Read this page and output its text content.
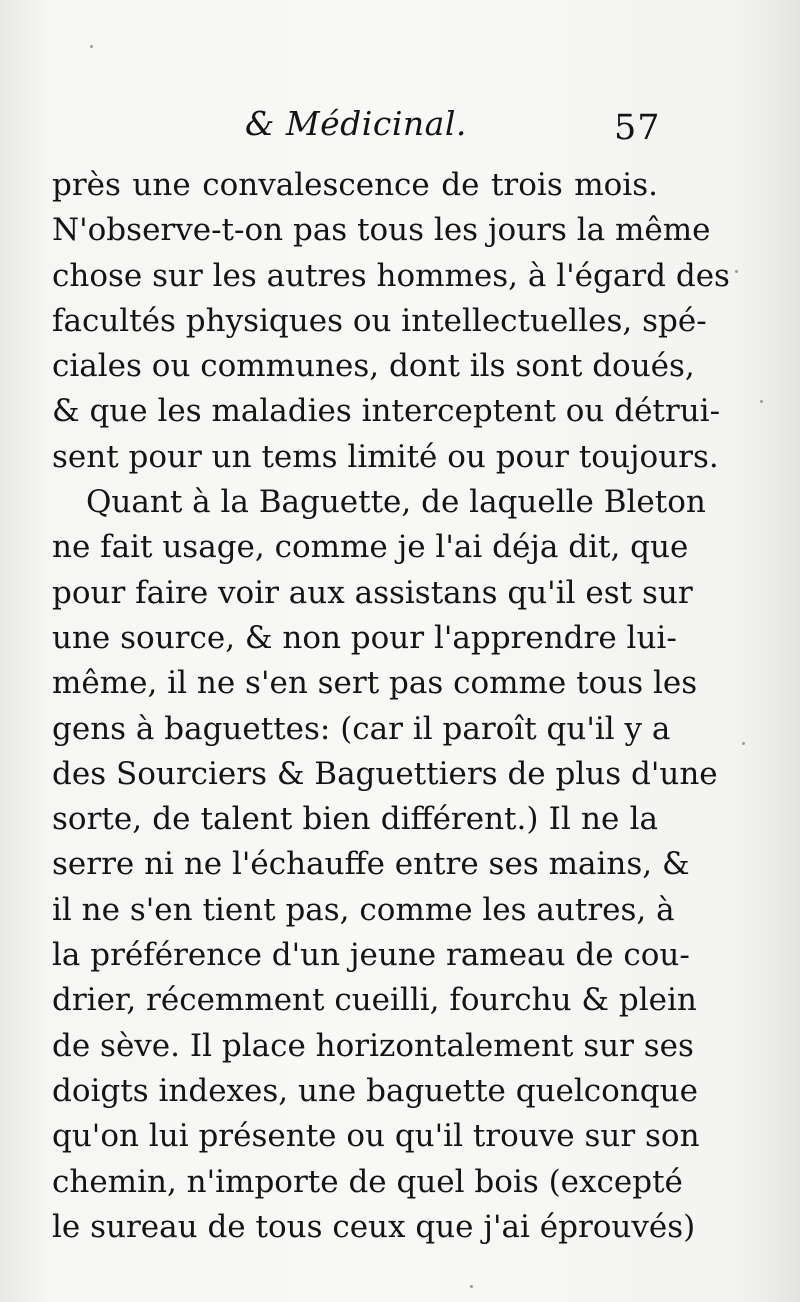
& Médicinal.	57
près une convalescence de trois mois.
N'observe-t-on pas tous les jours la même
chose sur les autres hommes, à l'égard des
facultés physiques ou intellectuelles, spé-
ciales ou communes, dont ils sont doués,
& que les maladies interceptent ou détrui-
sent pour un tems limité ou pour toujours.
Quant à la Baguette, de laquelle Bleton
ne fait usage, comme je l'ai déja dit, que
pour faire voir aux assistans qu'il est sur
une source, & non pour l'apprendre lui-
même, il ne s'en sert pas comme tous les
gens à baguettes: (car il paroît qu'il y a
des Sourciers & Baguettiers de plus d'une
sorte, de talent bien différent.) Il ne la
serre ni ne l'échauffe entre ses mains, &
il ne s'en tient pas, comme les autres, à
la préférence d'un jeune rameau de cou-
drier, récemment cueilli, fourchu & plein
de sève. Il place horizontalement sur ses
doigts indexes, une baguette quelconque
qu'on lui présente ou qu'il trouve sur son
chemin, n'importe de quel bois (excepté
le sureau de tous ceux que j'ai éprouvés)
